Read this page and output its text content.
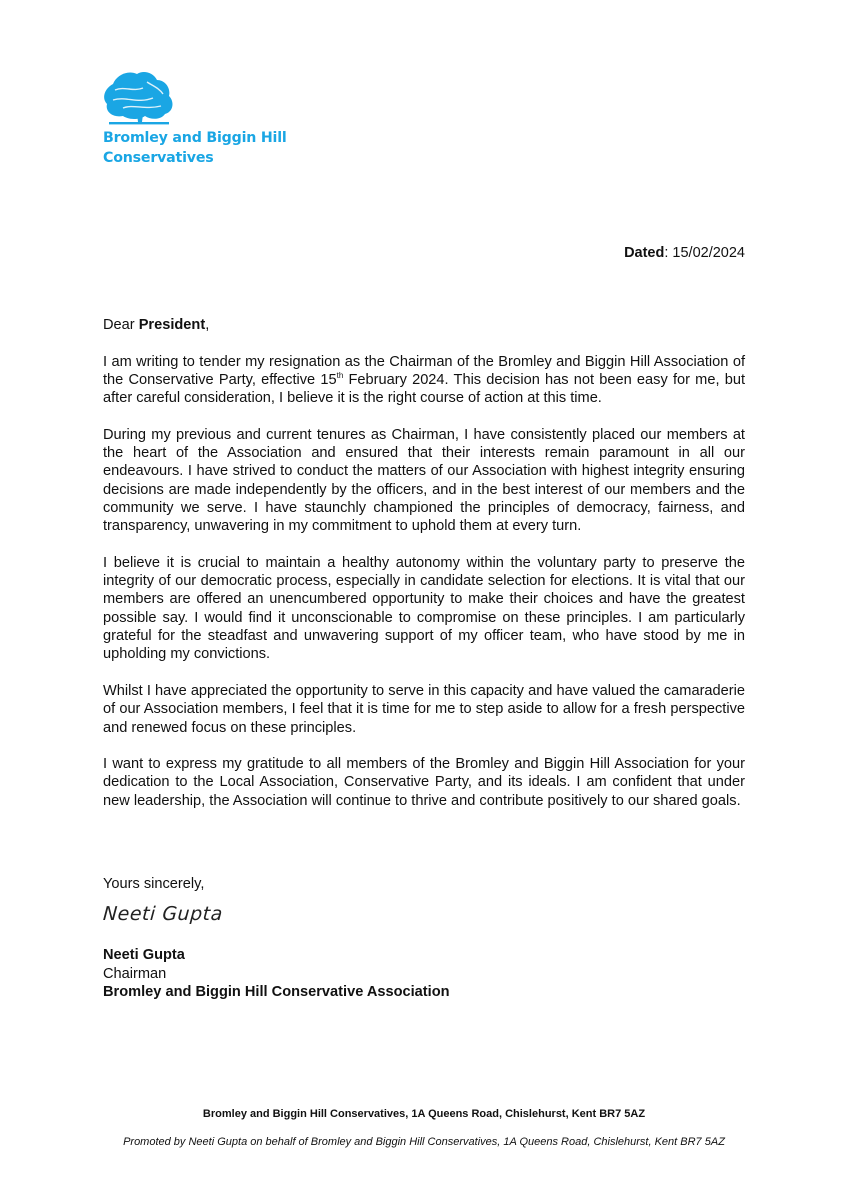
Bromley and Biggin Hill
Conservatives
Dated: 15/02/2024

Dear President,

I am writing to tender my resignation as the Chairman of the Bromley and Biggin Hill Association of the Conservative Party, effective 15th February 2024. This decision has not been easy for me, but after careful consideration, I believe it is the right course of action at this time.

During my previous and current tenures as Chairman, I have consistently placed our members at the heart of the Association and ensured that their interests remain paramount in all our endeavours. I have strived to conduct the matters of our Association with highest integrity ensuring decisions are made independently by the officers, and in the best interest of our members and the community we serve. I have staunchly championed the principles of democracy, fairness, and transparency, unwavering in my commitment to uphold them at every turn.

I believe it is crucial to maintain a healthy autonomy within the voluntary party to preserve the integrity of our democratic process, especially in candidate selection for elections. It is vital that our members are offered an unencumbered opportunity to make their choices and have the greatest possible say. I would find it unconscionable to compromise on these principles. I am particularly grateful for the steadfast and unwavering support of my officer team, who have stood by me in upholding my convictions.

Whilst I have appreciated the opportunity to serve in this capacity and have valued the camaraderie of our Association members, I feel that it is time for me to step aside to allow for a fresh perspective and renewed focus on these principles.

I want to express my gratitude to all members of the Bromley and Biggin Hill Association for your dedication to the Local Association, Conservative Party, and its ideals. I am confident that under new leadership, the Association will continue to thrive and contribute positively to our shared goals.

Yours sincerely,
Neeti Gupta
Neeti Gupta
Chairman
Bromley and Biggin Hill Conservative Association
Bromley and Biggin Hill Conservatives, 1A Queens Road, Chislehurst, Kent BR7 5AZ
Promoted by Neeti Gupta on behalf of Bromley and Biggin Hill Conservatives, 1A Queens Road, Chislehurst, Kent BR7 5AZ
